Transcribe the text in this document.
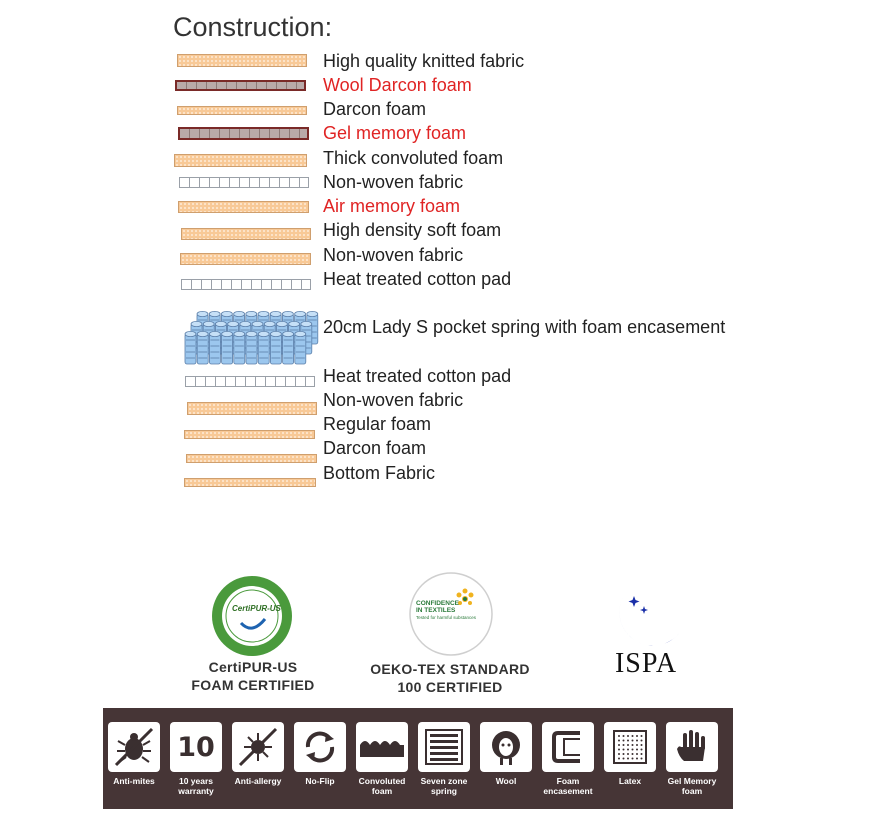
Construction:
High quality knitted fabric
Wool Darcon foam
Darcon foam
Gel memory foam
Thick convoluted foam
Non-woven fabric
Air memory foam
High density soft foam
Non-woven fabric
Heat treated cotton pad
20cm Lady S pocket spring with foam encasement
Heat treated cotton pad
Non-woven fabric
Regular foam
Darcon foam
Bottom Fabric
CertiPUR-US
CertiPUR-US
FOAM CERTIFIED
CONFIDENCE
IN TEXTILES
Tested for harmful substances
OEKO-TEX STANDARD
100 CERTIFIED
ISPA
Anti-mites
10
10 years warranty
Anti-allergy	No-Flip	Convoluted foam
Seven zone spring
Wool	Foam encasement
Latex	Gel Memory foam
